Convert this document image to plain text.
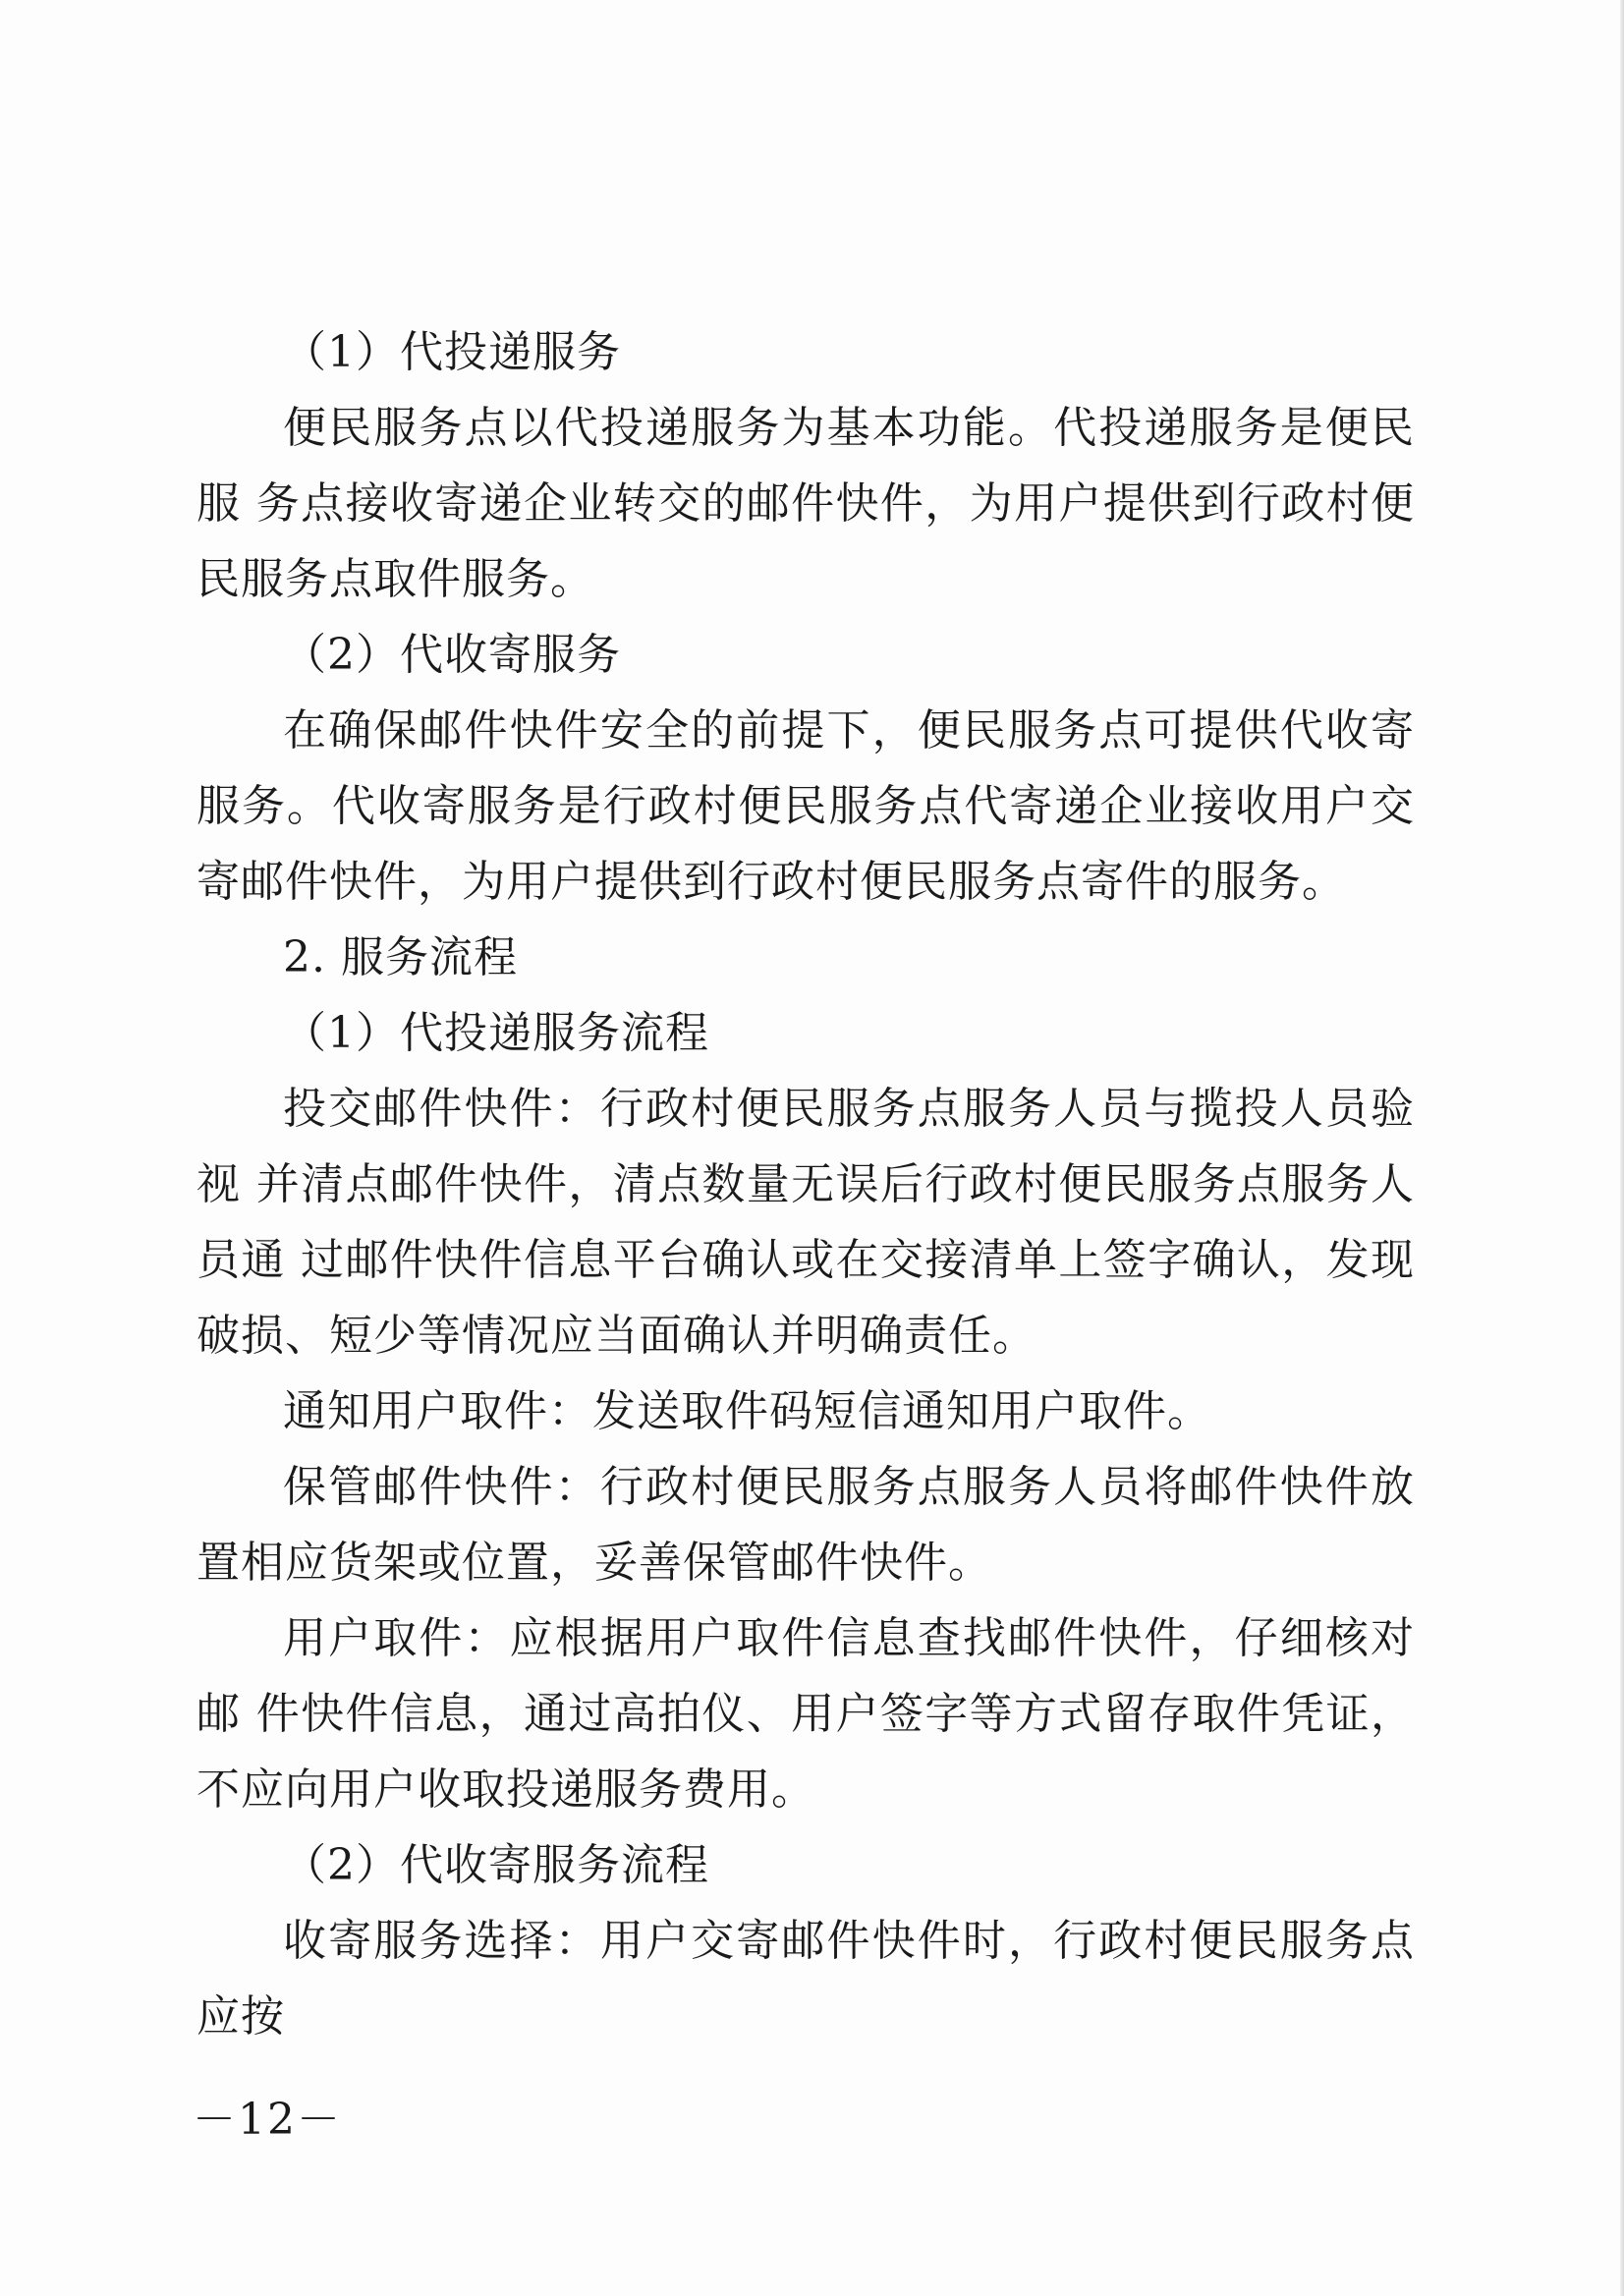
（1）代投递服务

便民服务点以代投递服务为基本功能。代投递服务是便民服 务点接收寄递企业转交的邮件快件，为用户提供到行政村便民服务点取件服务。

（2）代收寄服务

在确保邮件快件安全的前提下，便民服务点可提供代收寄服务。代收寄服务是行政村便民服务点代寄递企业接收用户交寄邮件快件，为用户提供到行政村便民服务点寄件的服务。

2. 服务流程

（1）代投递服务流程

投交邮件快件：行政村便民服务点服务人员与揽投人员验视 并清点邮件快件，清点数量无误后行政村便民服务点服务人员通 过邮件快件信息平台确认或在交接清单上签字确认，发现破损、短少等情况应当面确认并明确责任。

通知用户取件：发送取件码短信通知用户取件。

保管邮件快件：行政村便民服务点服务人员将邮件快件放置相应货架或位置，妥善保管邮件快件。

用户取件：应根据用户取件信息查找邮件快件，仔细核对邮 件快件信息，通过高拍仪、用户签字等方式留存取件凭证，不应向用户收取投递服务费用。

（2）代收寄服务流程

收寄服务选择：用户交寄邮件快件时，行政村便民服务点应按

－12－
